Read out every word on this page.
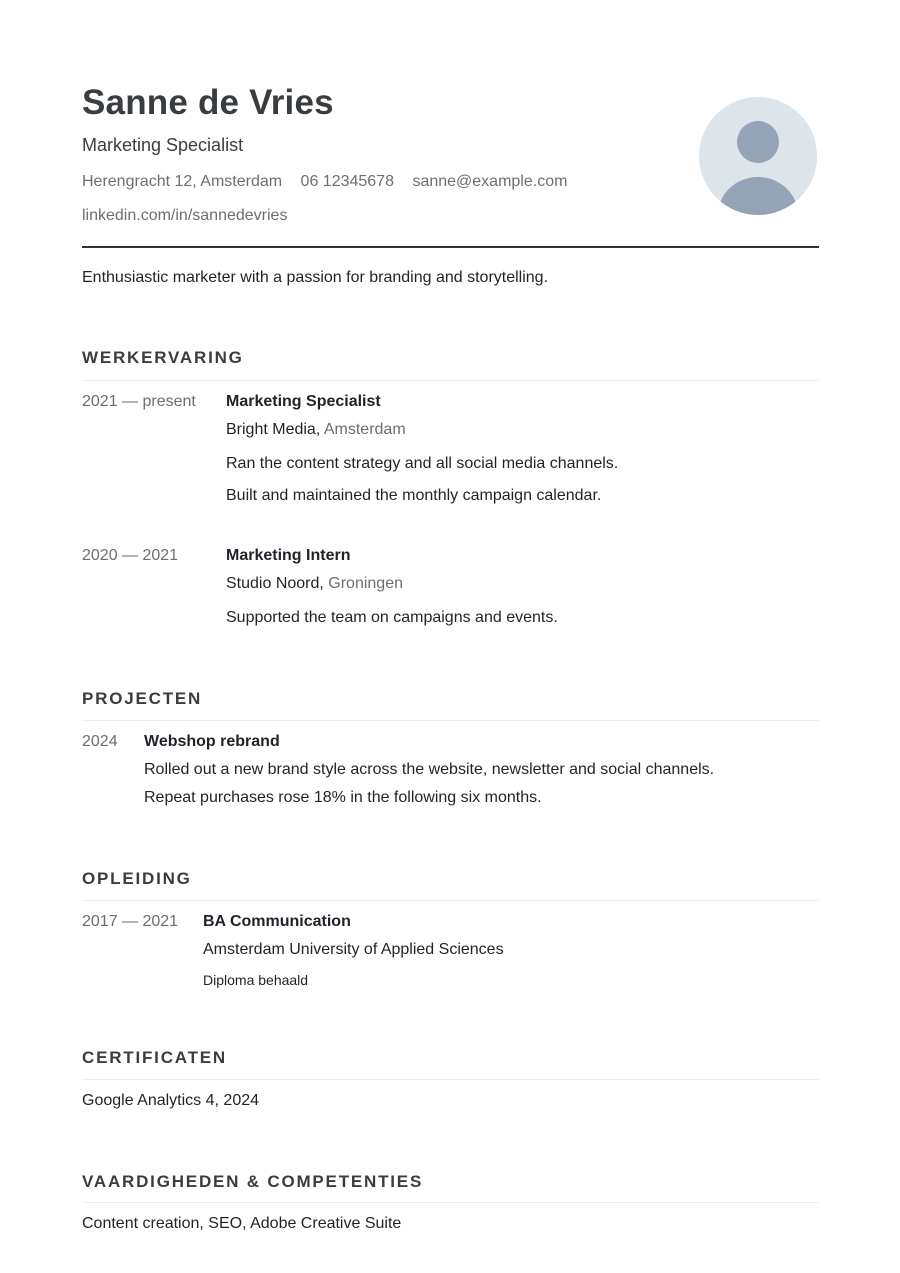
Sanne de Vries
Marketing Specialist
Herengracht 12, Amsterdam 06 12345678 sanne@example.com
linkedin.com/in/sannedevries
Enthusiastic marketer with a passion for branding and storytelling.
WERKERVARING
2021 — present Marketing Specialist
Bright Media, Amsterdam
Ran the content strategy and all social media channels.
Built and maintained the monthly campaign calendar.
2020 — 2021	Marketing Intern
Studio Noord, Groningen
Supported the team on campaigns and events.
PROJECTEN
2024 Webshop rebrand
Rolled out a new brand style across the website, newsletter and social channels.
Repeat purchases rose 18% in the following six months.
OPLEIDING
2017 — 2021 BA Communication
Amsterdam University of Applied Sciences
Diploma behaald
CERTIFICATEN
Google Analytics 4, 2024
VAARDIGHEDEN & COMPETENTIES
Content creation, SEO, Adobe Creative Suite
